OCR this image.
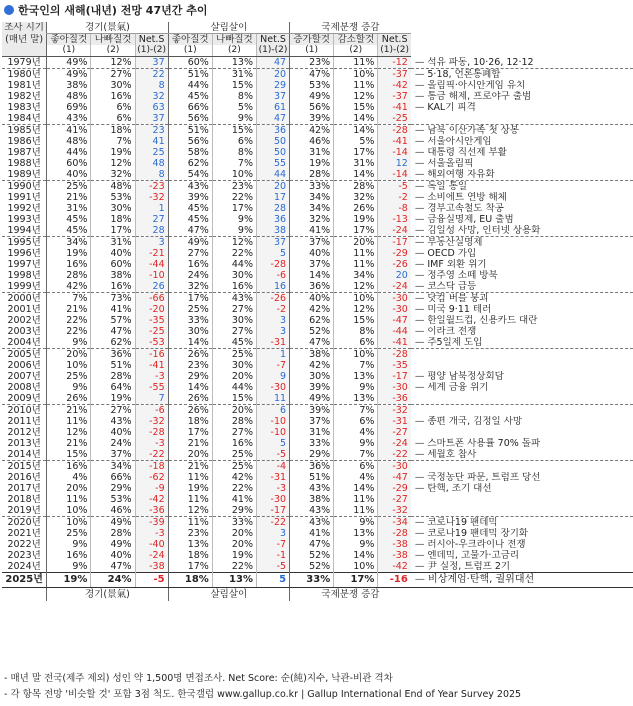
한국인의 새해(내년) 전망 47년간 추이
조사 시기	경기(景氣)			살림살이			국제분쟁 증감			
(매년 말)	좋아질것	나빠질것	Net.S	좋아질것	나빠질것	Net.S	증가할것	감소할것	Net.S	
	(1)	(2)	(1)-(2)	(1)	(2)	(1)-(2)	(1)	(2)	(1)-(2)	
1979년	49%	12%	37	60%	13%	47	23%	11%	-12	— 석유 파동, 10·26, 12·12
1980년	49%	27%	22	51%	31%	20	47%	10%	-37	— 5·18, 언론통폐합
1981년	38%	30%	8	44%	15%	29	53%	11%	-42	— 올림픽·아시안게임 유치
1982년	48%	16%	32	45%	8%	37	49%	12%	-37	— 통금 해제, 프로야구 출범
1983년	69%	6%	63	66%	5%	61	56%	15%	-41	— KAL기 피격
1984년	43%	6%	37	56%	9%	47	39%	14%	-25	
1985년	41%	18%	23	51%	15%	36	42%	14%	-28	— 남북 이산가족 첫 상봉
1986년	48%	7%	41	56%	6%	50	46%	5%	-41	— 서울아시안게임
1987년	44%	19%	25	58%	8%	50	31%	17%	-14	— 대통령 직선제 부활
1988년	60%	12%	48	62%	7%	55	19%	31%	12	— 서울올림픽
1989년	40%	32%	8	54%	10%	44	28%	14%	-14	— 해외여행 자유화
1990년	25%	48%	-23	43%	23%	20	33%	28%	-5	— 독일 통일
1991년	21%	53%	-32	39%	22%	17	34%	32%	-2	— 소비에트 연방 해체
1992년	31%	30%	1	45%	17%	28	34%	26%	-8	— 경부고속철도 착공
1993년	45%	18%	27	45%	9%	36	32%	19%	-13	— 금융실명제, EU 출범
1994년	45%	17%	28	47%	9%	38	41%	17%	-24	— 김일성 사망, 인터넷 상용화
1995년	34%	31%	3	49%	12%	37	37%	20%	-17	— 부동산실명제
1996년	19%	40%	-21	27%	22%	5	40%	11%	-29	— OECD 가입
1997년	16%	60%	-44	16%	44%	-28	37%	11%	-26	— IMF 외환 위기
1998년	28%	38%	-10	24%	30%	-6	14%	34%	20	— 정주영 소떼 방북
1999년	42%	16%	26	32%	16%	16	36%	12%	-24	— 코스닥 급등
2000년	7%	73%	-66	17%	43%	-26	40%	10%	-30	— 닷컴 버블 붕괴
2001년	21%	41%	-20	25%	27%	-2	42%	12%	-30	— 미국 9·11 테러
2002년	22%	57%	-35	33%	30%	3	62%	15%	-47	— 한일월드컵, 신용카드 대란
2003년	22%	47%	-25	30%	27%	3	52%	8%	-44	— 이라크 전쟁
2004년	9%	62%	-53	14%	45%	-31	47%	6%	-41	— 주5일제 도입
2005년	20%	36%	-16	26%	25%	1	38%	10%	-28	
2006년	10%	51%	-41	23%	30%	-7	42%	7%	-35	
2007년	25%	28%	-3	29%	20%	9	30%	13%	-17	— 평양 남북정상회담
2008년	9%	64%	-55	14%	44%	-30	39%	9%	-30	— 세계 금융 위기
2009년	26%	19%	7	26%	15%	11	49%	13%	-36	
2010년	21%	27%	-6	26%	20%	6	39%	7%	-32	
2011년	11%	43%	-32	18%	28%	-10	37%	6%	-31	— 종편 개국, 김정일 사망
2012년	12%	40%	-28	17%	27%	-10	31%	4%	-27	
2013년	21%	24%	-3	21%	16%	5	33%	9%	-24	— 스마트폰 사용률 70% 돌파
2014년	15%	37%	-22	20%	25%	-5	29%	7%	-22	— 세월호 참사
2015년	16%	34%	-18	21%	25%	-4	36%	6%	-30	
2016년	4%	66%	-62	11%	42%	-31	51%	4%	-47	— 국정농단 파문, 트럼프 당선
2017년	20%	29%	-9	19%	22%	-3	43%	14%	-29	— 탄핵, 조기 대선
2018년	11%	53%	-42	11%	41%	-30	38%	11%	-27	
2019년	10%	46%	-36	12%	29%	-17	43%	11%	-32	
2020년	10%	49%	-39	11%	33%	-22	43%	9%	-34	— 코로나19 팬데믹
2021년	25%	28%	-3	23%	20%	3	41%	13%	-28	— 코로나19 팬데믹 장기화
2022년	9%	49%	-40	13%	20%	-7	47%	9%	-38	— 러시아-우크라이나 전쟁
2023년	16%	40%	-24	18%	19%	-1	52%	14%	-38	— 엔데믹, 고물가·고금리
2024년	9%	47%	-38	17%	22%	-5	52%	10%	-42	— 尹 실정, 트럼프 2기
2025년	19%	24%	-5	18%	13%	5	33%	17%	-16	— 비상계엄·탄핵, 궐위대선
	경기(景氣)			살림살이			국제분쟁 증감			
- 매년 말 전국(제주 제외) 성인 약 1,500명 면접조사. Net Score: 순(純)지수, 낙관-비관 격차
- 각 항목 전망 '비슷할 것' 포함 3점 척도. 한국갤럽 www.gallup.co.kr | Gallup International End of Year Survey 2025
